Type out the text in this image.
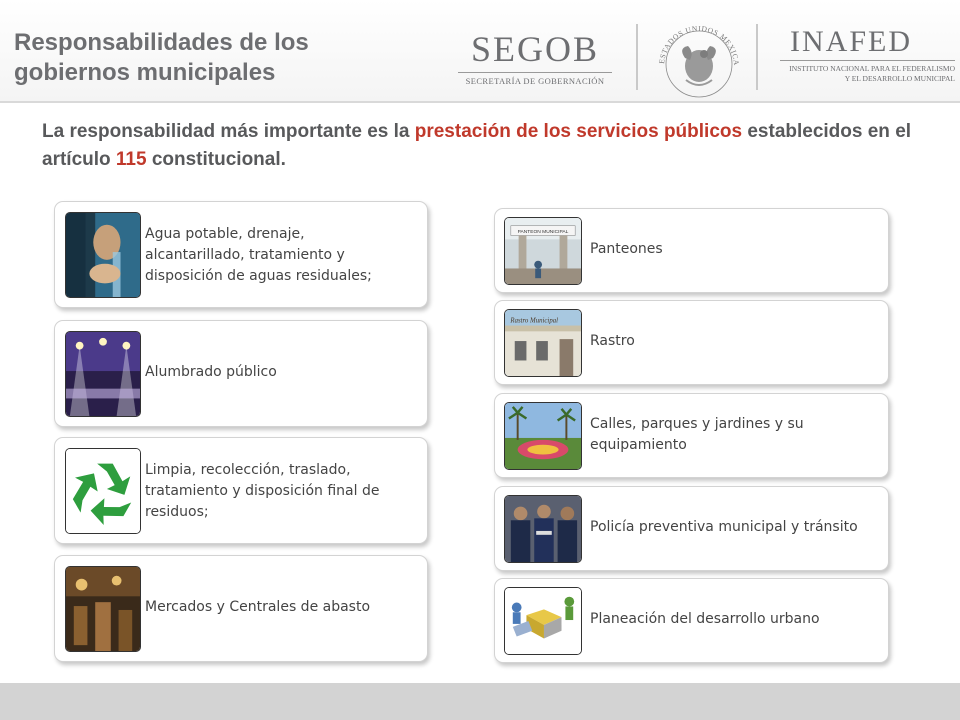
Responsabilidades de los gobiernos municipales
SEGOB
SECRETARÍA DE GOBERNACIÓN
ESTADOS UNIDOS MEXICA
INAFED
INSTITUTO NACIONAL PARA EL FEDERALISMO
Y EL DESARROLLO MUNICIPAL
La responsabilidad más importante es la prestación de los servicios públicos establecidos en el artículo 115 constitucional.
Agua potable, drenaje, alcantarillado, tratamiento y disposición de aguas residuales;
Alumbrado público
Limpia, recolección, traslado, tratamiento y disposición final de residuos;
Mercados y Centrales de abasto
PANTEON MUNICIPAL
Panteones
Rastro Municipal
Rastro
Calles, parques y jardines y su equipamiento
Policía preventiva municipal y tránsito
Planeación del desarrollo urbano
